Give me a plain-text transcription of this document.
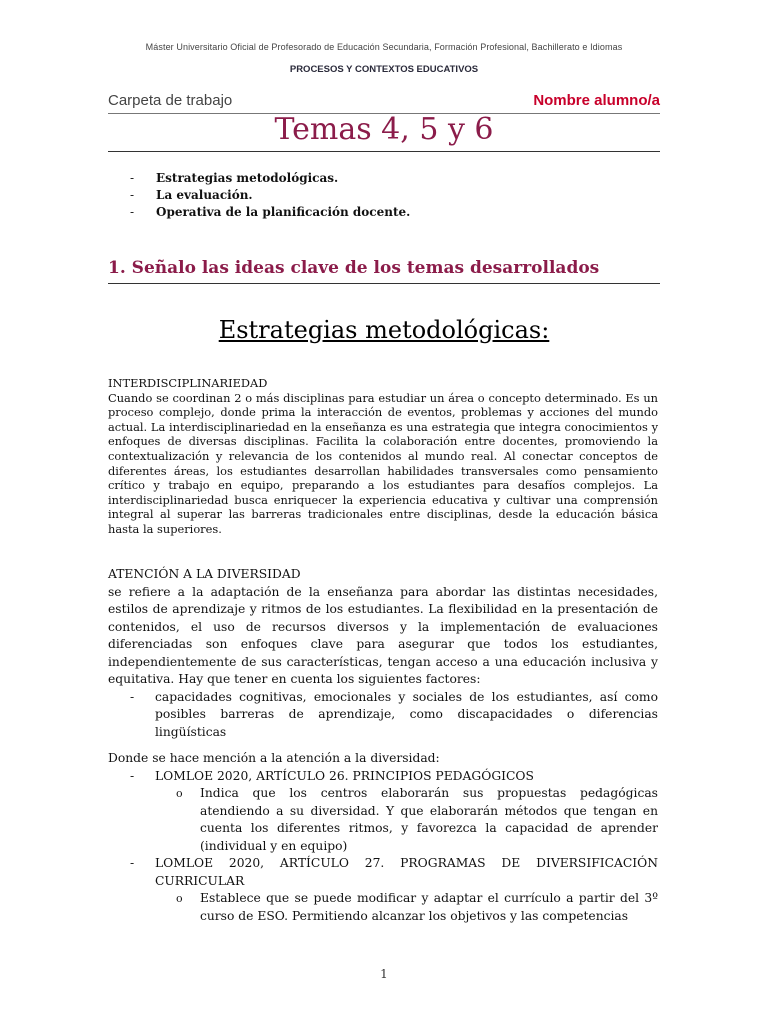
Máster Universitario Oficial de Profesorado de Educación Secundaria, Formación Profesional, Bachillerato e Idiomas
PROCESOS Y CONTEXTOS EDUCATIVOS
Carpeta de trabajo	Nombre alumno/a
Temas 4, 5 y 6
- Estrategias metodológicas.
- La evaluación.
- Operativa de la planificación docente.
1. Señalo las ideas clave de los temas desarrollados
Estrategias metodológicas:
INTERDISCIPLINARIEDAD
Cuando se coordinan 2 o más disciplinas para estudiar un área o concepto determinado. Es un proceso complejo, donde prima la interacción de eventos, problemas y acciones del mundo actual. La interdisciplinariedad en la enseñanza es una estrategia que integra conocimientos y enfoques de diversas disciplinas. Facilita la colaboración entre docentes, promoviendo la contextualización y relevancia de los contenidos al mundo real. Al conectar conceptos de diferentes áreas, los estudiantes desarrollan habilidades transversales como pensamiento crítico y trabajo en equipo, preparando a los estudiantes para desafíos complejos. La interdisciplinariedad busca enriquecer la experiencia educativa y cultivar una comprensión integral al superar las barreras tradicionales entre disciplinas, desde la educación básica hasta la superiores.
ATENCIÓN A LA DIVERSIDAD
se refiere a la adaptación de la enseñanza para abordar las distintas necesidades, estilos de aprendizaje y ritmos de los estudiantes. La flexibilidad en la presentación de contenidos, el uso de recursos diversos y la implementación de evaluaciones diferenciadas son enfoques clave para asegurar que todos los estudiantes, independientemente de sus características, tengan acceso a una educación inclusiva y equitativa. Hay que tener en cuenta los siguientes factores:
- capacidades cognitivas, emocionales y sociales de los estudiantes, así como posibles barreras de aprendizaje, como discapacidades o diferencias lingüísticas
Donde se hace mención a la atención a la diversidad:
- LOMLOE 2020, ARTÍCULO 26. PRINCIPIOS PEDAGÓGICOS
o Indica que los centros elaborarán sus propuestas pedagógicas atendiendo a su diversidad. Y que elaborarán métodos que tengan en cuenta los diferentes ritmos, y favorezca la capacidad de aprender (individual y en equipo)
- LOMLOE 2020, ARTÍCULO 27. PROGRAMAS DE DIVERSIFICACIÓN CURRICULAR
o Establece que se puede modificar y adaptar el currículo a partir del 3º curso de ESO. Permitiendo alcanzar los objetivos y las competencias
1
